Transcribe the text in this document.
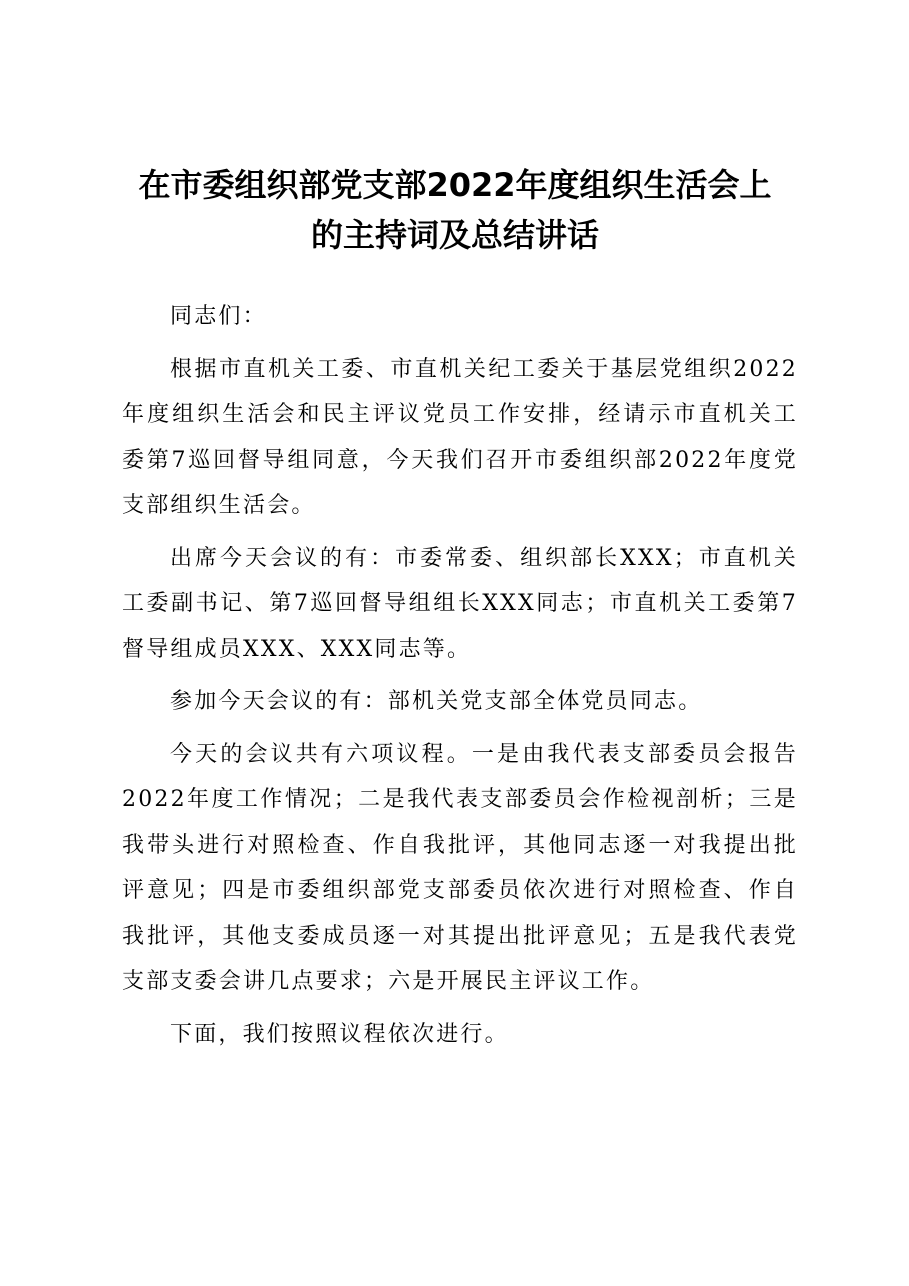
在市委组织部党支部2022年度组织生活会上
的主持词及总结讲话

同志们：

根据市直机关工委、市直机关纪工委关于基层党组织2022年度组织生活会和民主评议党员工作安排，经请示市直机关工委第7巡回督导组同意，今天我们召开市委组织部2022年度党支部组织生活会。

出席今天会议的有：市委常委、组织部长XXX；市直机关工委副书记、第7巡回督导组组长XXX同志；市直机关工委第7督导组成员XXX、XXX同志等。

参加今天会议的有：部机关党支部全体党员同志。

今天的会议共有六项议程。一是由我代表支部委员会报告2022年度工作情况；二是我代表支部委员会作检视剖析；三是我带头进行对照检查、作自我批评，其他同志逐一对我提出批评意见；四是市委组织部党支部委员依次进行对照检查、作自我批评，其他支委成员逐一对其提出批评意见；五是我代表党支部支委会讲几点要求；六是开展民主评议工作。

下面，我们按照议程依次进行。
